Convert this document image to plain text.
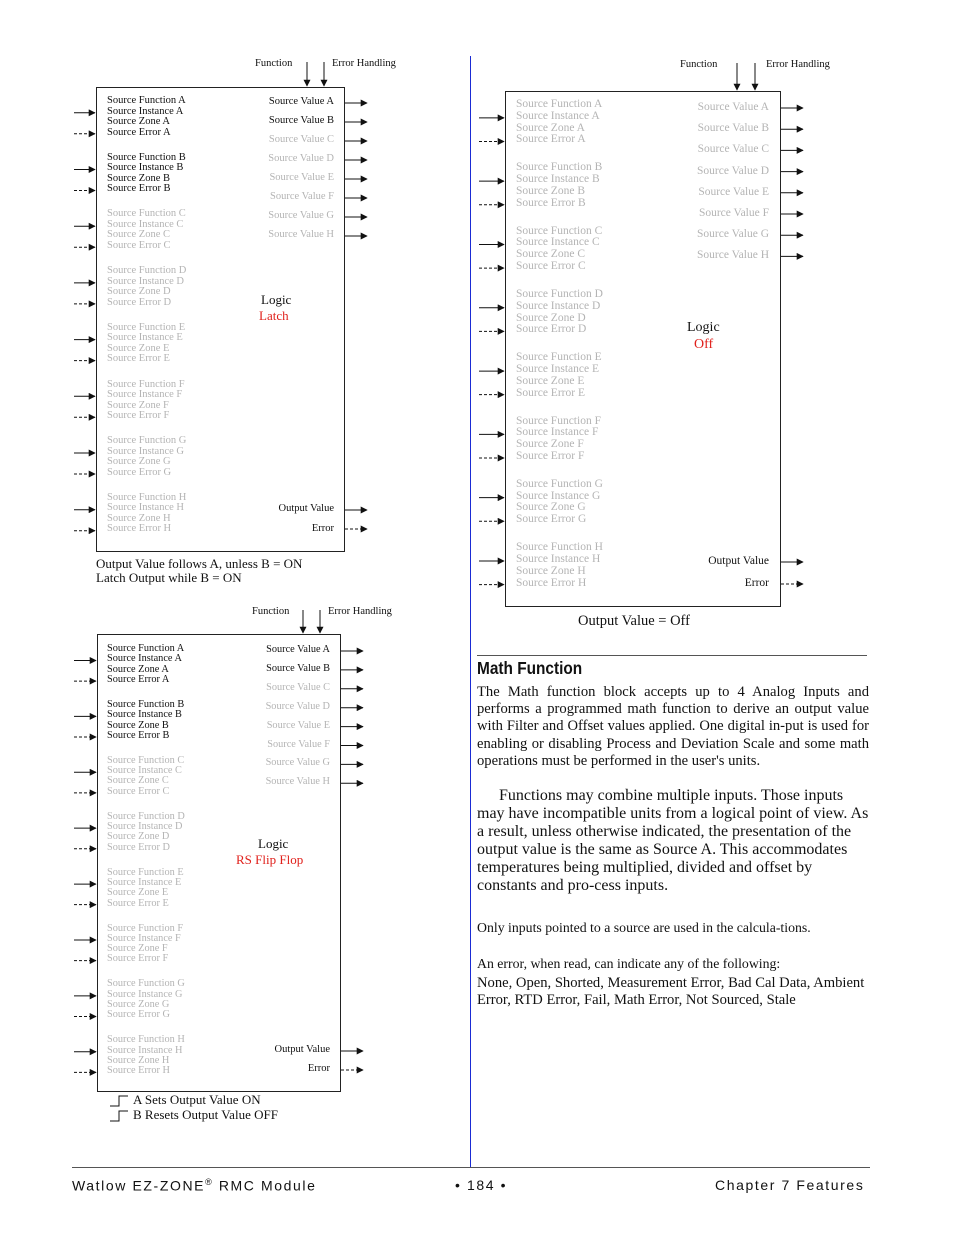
Function	Error Handling
Logic
Latch
Output Value
Error
Output Value follows A, unless B = ON
Latch Output while B = ON
Source Function A
Source Instance A
Source Zone A
Source Error A
Source Function B
Source Instance B
Source Zone B
Source Error B
Source Function C
Source Instance C
Source Zone C
Source Error C
Source Function D
Source Instance D
Source Zone D
Source Error D
Source Function E
Source Instance E
Source Zone E
Source Error E
Source Function F
Source Instance F
Source Zone F
Source Error F
Source Function G
Source Instance G
Source Zone G
Source Error G
Source Function H
Source Instance H
Source Zone H
Source Error H
Source Value A
Source Value B
Source Value C
Source Value D
Source Value E
Source Value F
Source Value G
Source Value H
Function	Error Handling
Logic
RS Flip Flop
Output Value
Error
A Sets Output Value ON
B Resets Output Value OFF
Source Function A
Source Instance A
Source Zone A
Source Error A
Source Function B
Source Instance B
Source Zone B
Source Error B
Source Function C
Source Instance C
Source Zone C
Source Error C
Source Function D
Source Instance D
Source Zone D
Source Error D
Source Function E
Source Instance E
Source Zone E
Source Error E
Source Function F
Source Instance F
Source Zone F
Source Error F
Source Function G
Source Instance G
Source Zone G
Source Error G
Source Function H
Source Instance H
Source Zone H
Source Error H
Source Value A
Source Value B
Source Value C
Source Value D
Source Value E
Source Value F
Source Value G
Source Value H
Function	Error Handling
Logic
Off
Output Value
Error
Output Value = Off
Source Function A
Source Instance A
Source Zone A
Source Error A
Source Function B
Source Instance B
Source Zone B
Source Error B
Source Function C
Source Instance C
Source Zone C
Source Error C
Source Function D
Source Instance D
Source Zone D
Source Error D
Source Function E
Source Instance E
Source Zone E
Source Error E
Source Function F
Source Instance F
Source Zone F
Source Error F
Source Function G
Source Instance G
Source Zone G
Source Error G
Source Function H
Source Instance H
Source Zone H
Source Error H
Source Value A
Source Value B
Source Value C
Source Value D
Source Value E
Source Value F
Source Value G
Source Value H
Math Function

The Math function block accepts up to 4 Analog Inputs and performs a programmed math function to derive an output value with Filter and Offset values applied. One digital in-put is used for enabling or disabling Process and Deviation Scale and some math operations must be performed in the user's units.

Functions may combine multiple inputs. Those inputs may have incompatible units from a logical point of view. As a result, unless otherwise indicated, the presentation of the output value is the same as Source A. This accommodates temperatures being multiplied, divided and offset by constants and pro-cess inputs.

Only inputs pointed to a source are used in the calcula-tions.

An error, when read, can indicate any of the following:

None, Open, Shorted, Measurement Error, Bad Cal Data, Ambient Error, RTD Error, Fail, Math Error, Not Sourced, Stale

Watlow EZ-ZONE® RMC Module	• 184 •	Chapter 7 Features
